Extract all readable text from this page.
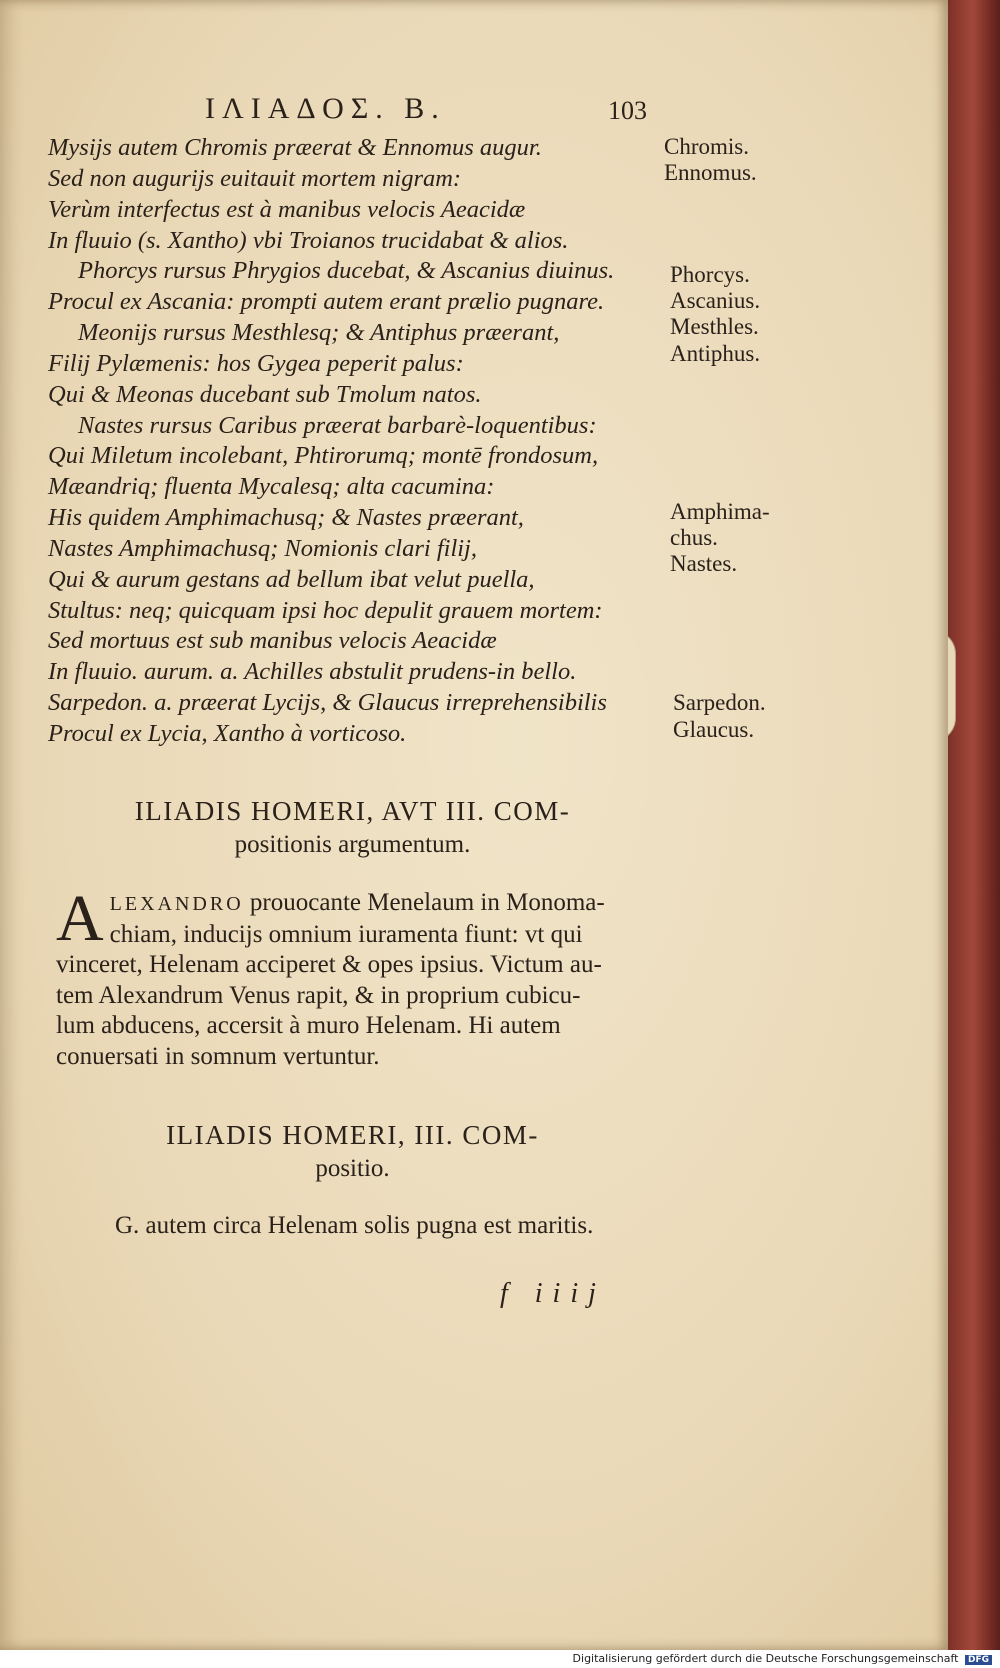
ΙΛΙΑΔΟΣ. Β.	103
Mysijs autem Chromis præerat & Ennomus augur.
Sed non augurijs euitauit mortem nigram:
Verùm interfectus est à manibus velocis Aeacidæ
In fluuio (s. Xantho) vbi Troianos trucidabat & alios.
Phorcys rursus Phrygios ducebat, & Ascanius diuinus.
Procul ex Ascania: prompti autem erant prælio pugnare.
Meonijs rursus Mesthlesq; & Antiphus præerant,
Filij Pylæmenis: hos Gygea peperit palus:
Qui & Meonas ducebant sub Tmolum natos.
Nastes rursus Caribus præerat barbarè-loquentibus:
Qui Miletum incolebant, Phtirorumq; montē frondosum,
Mæandriq; fluenta Mycalesq; alta cacumina:
His quidem Amphimachusq; & Nastes præerant,
Nastes Amphimachusq; Nomionis clari filij,
Qui & aurum gestans ad bellum ibat velut puella,
Stultus: neq; quicquam ipsi hoc depulit grauem mortem:
Sed mortuus est sub manibus velocis Aeacidæ
In fluuio. aurum. a. Achilles abstulit prudens-in bello.
Sarpedon. a. præerat Lycijs, & Glaucus irreprehensibilis
Procul ex Lycia, Xantho à vorticoso.
Chromis.
Ennomus.
Phorcys.
Ascanius.
Mesthles.
Antiphus.
Amphima-
chus.
Nastes.
Sarpedon.
Glaucus.
ILIADIS HOMERI, AVT III. COM-
positionis argumentum.
A LEXANDRO prouocante Menelaum in Monoma-
chiam, inducijs omnium iuramenta fiunt: vt qui
vinceret, Helenam acciperet & opes ipsius. Victum au-
tem Alexandrum Venus rapit, & in proprium cubicu-
lum abducens, accersit à muro Helenam. Hi autem
conuersati in somnum vertuntur.
ILIADIS HOMERI, III. COM-
positio.
G. autem circa Helenam solis pugna est maritis.
f iiij
Digitalisierung gefördert durch die Deutsche Forschungsgemeinschaft DFG
